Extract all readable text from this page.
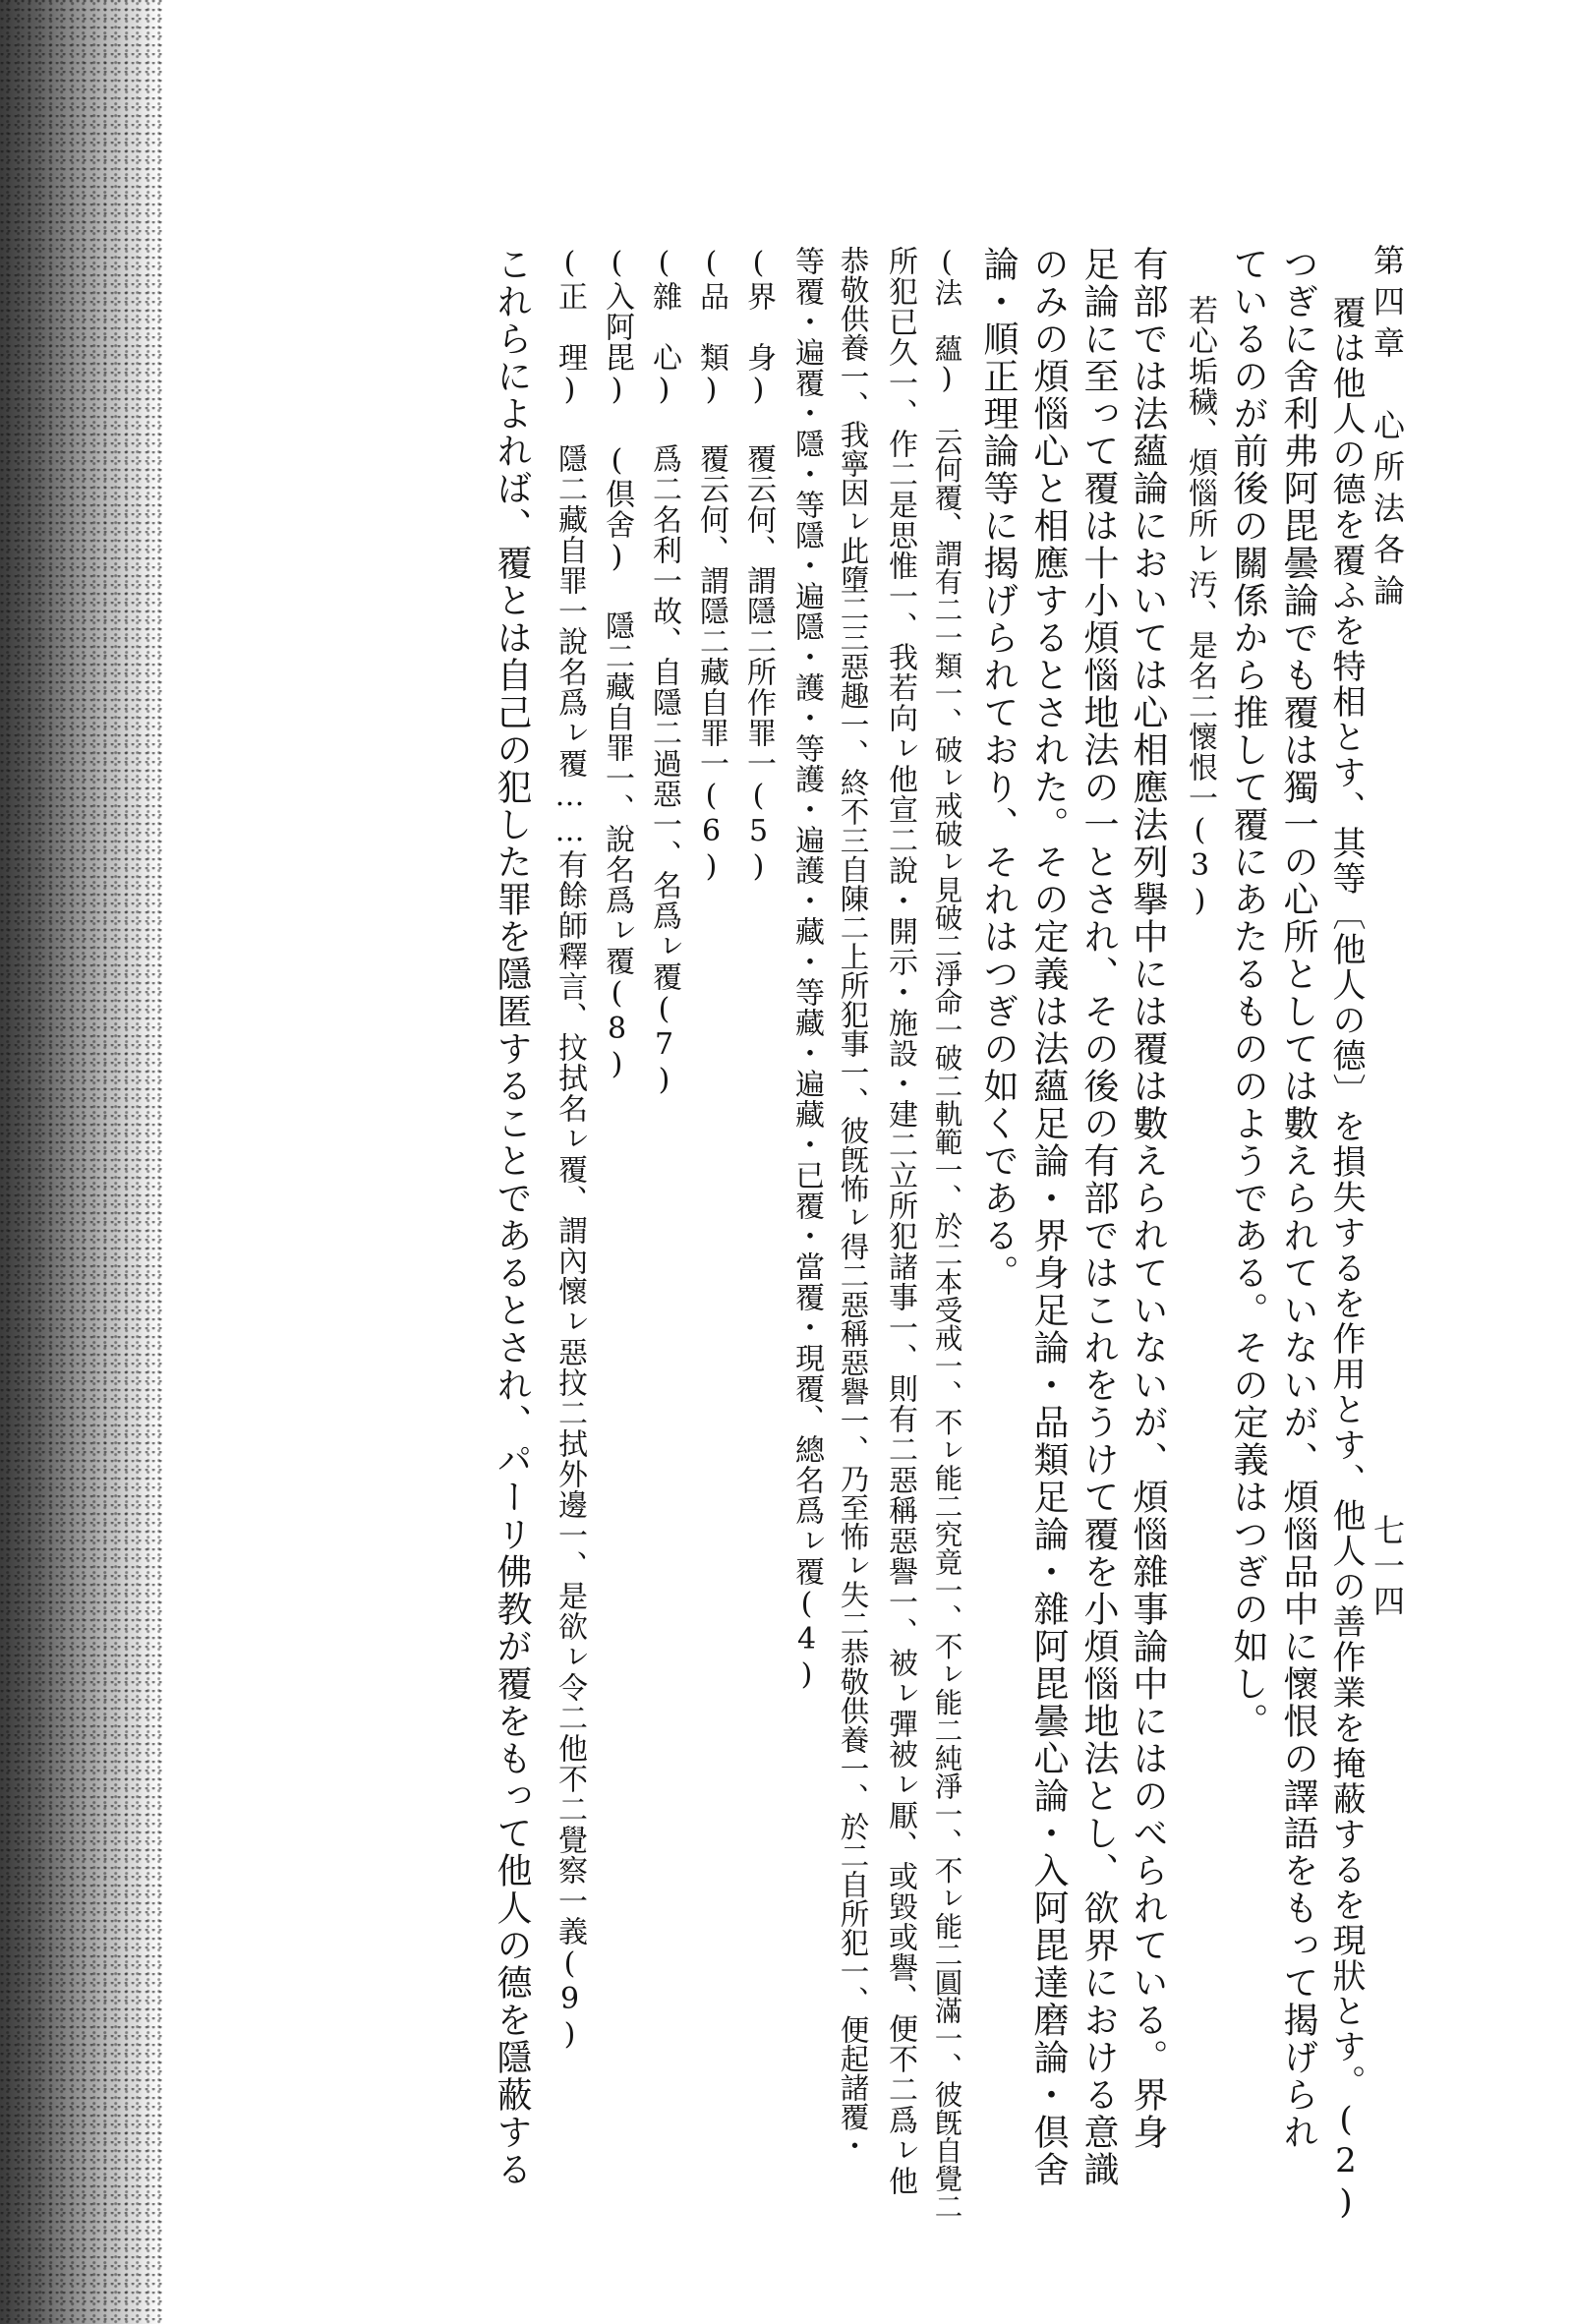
七一四
第四章　心所法各論
覆は他人の德を覆ふを特相とす、其等〔他人の德〕を損失するを作用とす、他人の善作業を掩蔽するを現狀とす。(2)
つぎに舍利弗阿毘曇論でも覆は獨一の心所としては數えられていないが、煩惱品中に懷恨の譯語をもって揭げられ
ているのが前後の關係から推して覆にあたるもののようである。その定義はつぎの如し。
若心垢穢、煩惱所ㇾ汚、是名二懷恨一(3)
有部では法蘊論においては心相應法列擧中には覆は數えられていないが、煩惱雜事論中にはのべられている。界身
足論に至って覆は十小煩惱地法の一とされ、その後の有部ではこれをうけて覆を小煩惱地法とし、欲界における意識
のみの煩惱心と相應するとされた。その定義は法蘊足論・界身足論・品類足論・雜阿毘曇心論・入阿毘達磨論・倶舍
論・順正理論等に揭げられており、それはつぎの如くである。
(法　蘊) 云何覆、謂有二一類一、破ㇾ戒破ㇾ見破二淨命一破二軌範一、於二本受戒一、不ㇾ能二究竟一、不ㇾ能二純淨一、不ㇾ能二圓滿一、彼旣自覺二
所犯已久一、作二是思惟一、我若向ㇾ他宣二說・開示・施設・建二立所犯諸事一、則有二惡稱惡譽一、被ㇾ彈被ㇾ厭、或毀或譽、便不二爲ㇾ他
恭敬供養一、我寧因ㇾ此墮二三惡趣一、終不三自陳二上所犯事一、彼旣怖ㇾ得二惡稱惡譽一、乃至怖ㇾ失二恭敬供養一、於二自所犯一、便起諸覆・
等覆・遍覆・隱・等隱・遍隱・護・等護・遍護・藏・等藏・遍藏・已覆・當覆・現覆、總名爲ㇾ覆(4)
(界　身) 覆云何、謂隱二所作罪一(5)
(品　類) 覆云何、謂隱二藏自罪一(6)
(雜　心) 爲二名利一故、自隱二過惡一、名爲ㇾ覆(7)
(入阿毘) (倶舍) 隱二藏自罪一、說名爲ㇾ覆(8)
(正　理) 隱二藏自罪一說名爲ㇾ覆……有餘師釋言、抆拭名ㇾ覆、謂內懷ㇾ惡抆二拭外邊一、是欲ㇾ令二他不二覺察一義(9)
これらによれば、覆とは自己の犯した罪を隱匿することであるとされ、パーリ佛教が覆をもって他人の德を隱蔽する
